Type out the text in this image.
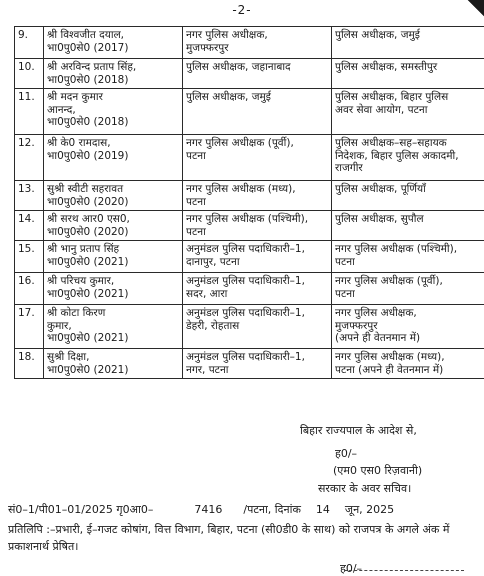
-2-
9.	श्री विश्वजीत दयाल,
भा0पु0से0 (2017)	नगर पुलिस अधीक्षक,
मुजफ्फरपुर	पुलिस अधीक्षक, जमुई

10.	श्री अरविन्द प्रताप सिंह,
भा0पु0से0 (2018)	पुलिस अधीक्षक, जहानाबाद	पुलिस अधीक्षक, समस्तीपुर

11.	श्री मदन कुमार
आनन्द,
भा0पु0से0 (2018)	पुलिस अधीक्षक, जमुई	पुलिस अधीक्षक, बिहार पुलिस
अवर सेवा आयोग, पटना

12.	श्री के0 रामदास,
भा0पु0से0 (2019)	नगर पुलिस अधीक्षक (पूर्वी),
पटना	पुलिस अधीक्षक–सह–सहायक
निदेशक, बिहार पुलिस अकादमी,
राजगीर

13.	सुश्री स्वीटी सहरावत
भा0पु0से0 (2020)	नगर पुलिस अधीक्षक (मध्य),
पटना	पुलिस अधीक्षक, पूर्णियाँ

14.	श्री सरथ आर0 एस0,
भा0पु0से0 (2020)	नगर पुलिस अधीक्षक (पश्चिमी),
पटना	पुलिस अधीक्षक, सुपौल

15.	श्री भानु प्रताप सिंह
भा0पु0से0 (2021)	अनुमंडल पुलिस पदाधिकारी–1,
दानापुर, पटना	नगर पुलिस अधीक्षक (पश्चिमी),
पटना

16.	श्री परिचय कुमार,
भा0पु0से0 (2021)	अनुमंडल पुलिस पदाधिकारी–1,
सदर, आरा	नगर पुलिस अधीक्षक (पूर्वी),
पटना

17.	श्री कोटा किरण
कुमार,
भा0पु0से0 (2021)	अनुमंडल पुलिस पदाधिकारी–1,
डेहरी, रोहतास	नगर पुलिस अधीक्षक,
मुजफ्फरपुर
(अपने ही वेतनमान में)

18.	सुश्री दिक्षा,
भा0पु0से0 (2021)	अनुमंडल पुलिस पदाधिकारी–1,
नगर, पटना	नगर पुलिस अधीक्षक (मध्य),
पटना (अपने ही वेतनमान में)
बिहार राज्यपाल के आदेश से,
ह0/–
(एम0 एस0 रिज़वानी)
सरकार के अवर सचिव।
सं0–1/पी01–01/2025 गृ0आ0–	7416 /पटना, दिनांक 14 जून, 2025
प्रतिलिपि :–प्रभारी, ई–गजट कोषांग, वित्त विभाग, बिहार, पटना (सी0डी0 के साथ) को राजपत्र के अगले अंक में प्रकाशनार्थ प्रेषित।
ह0/–
